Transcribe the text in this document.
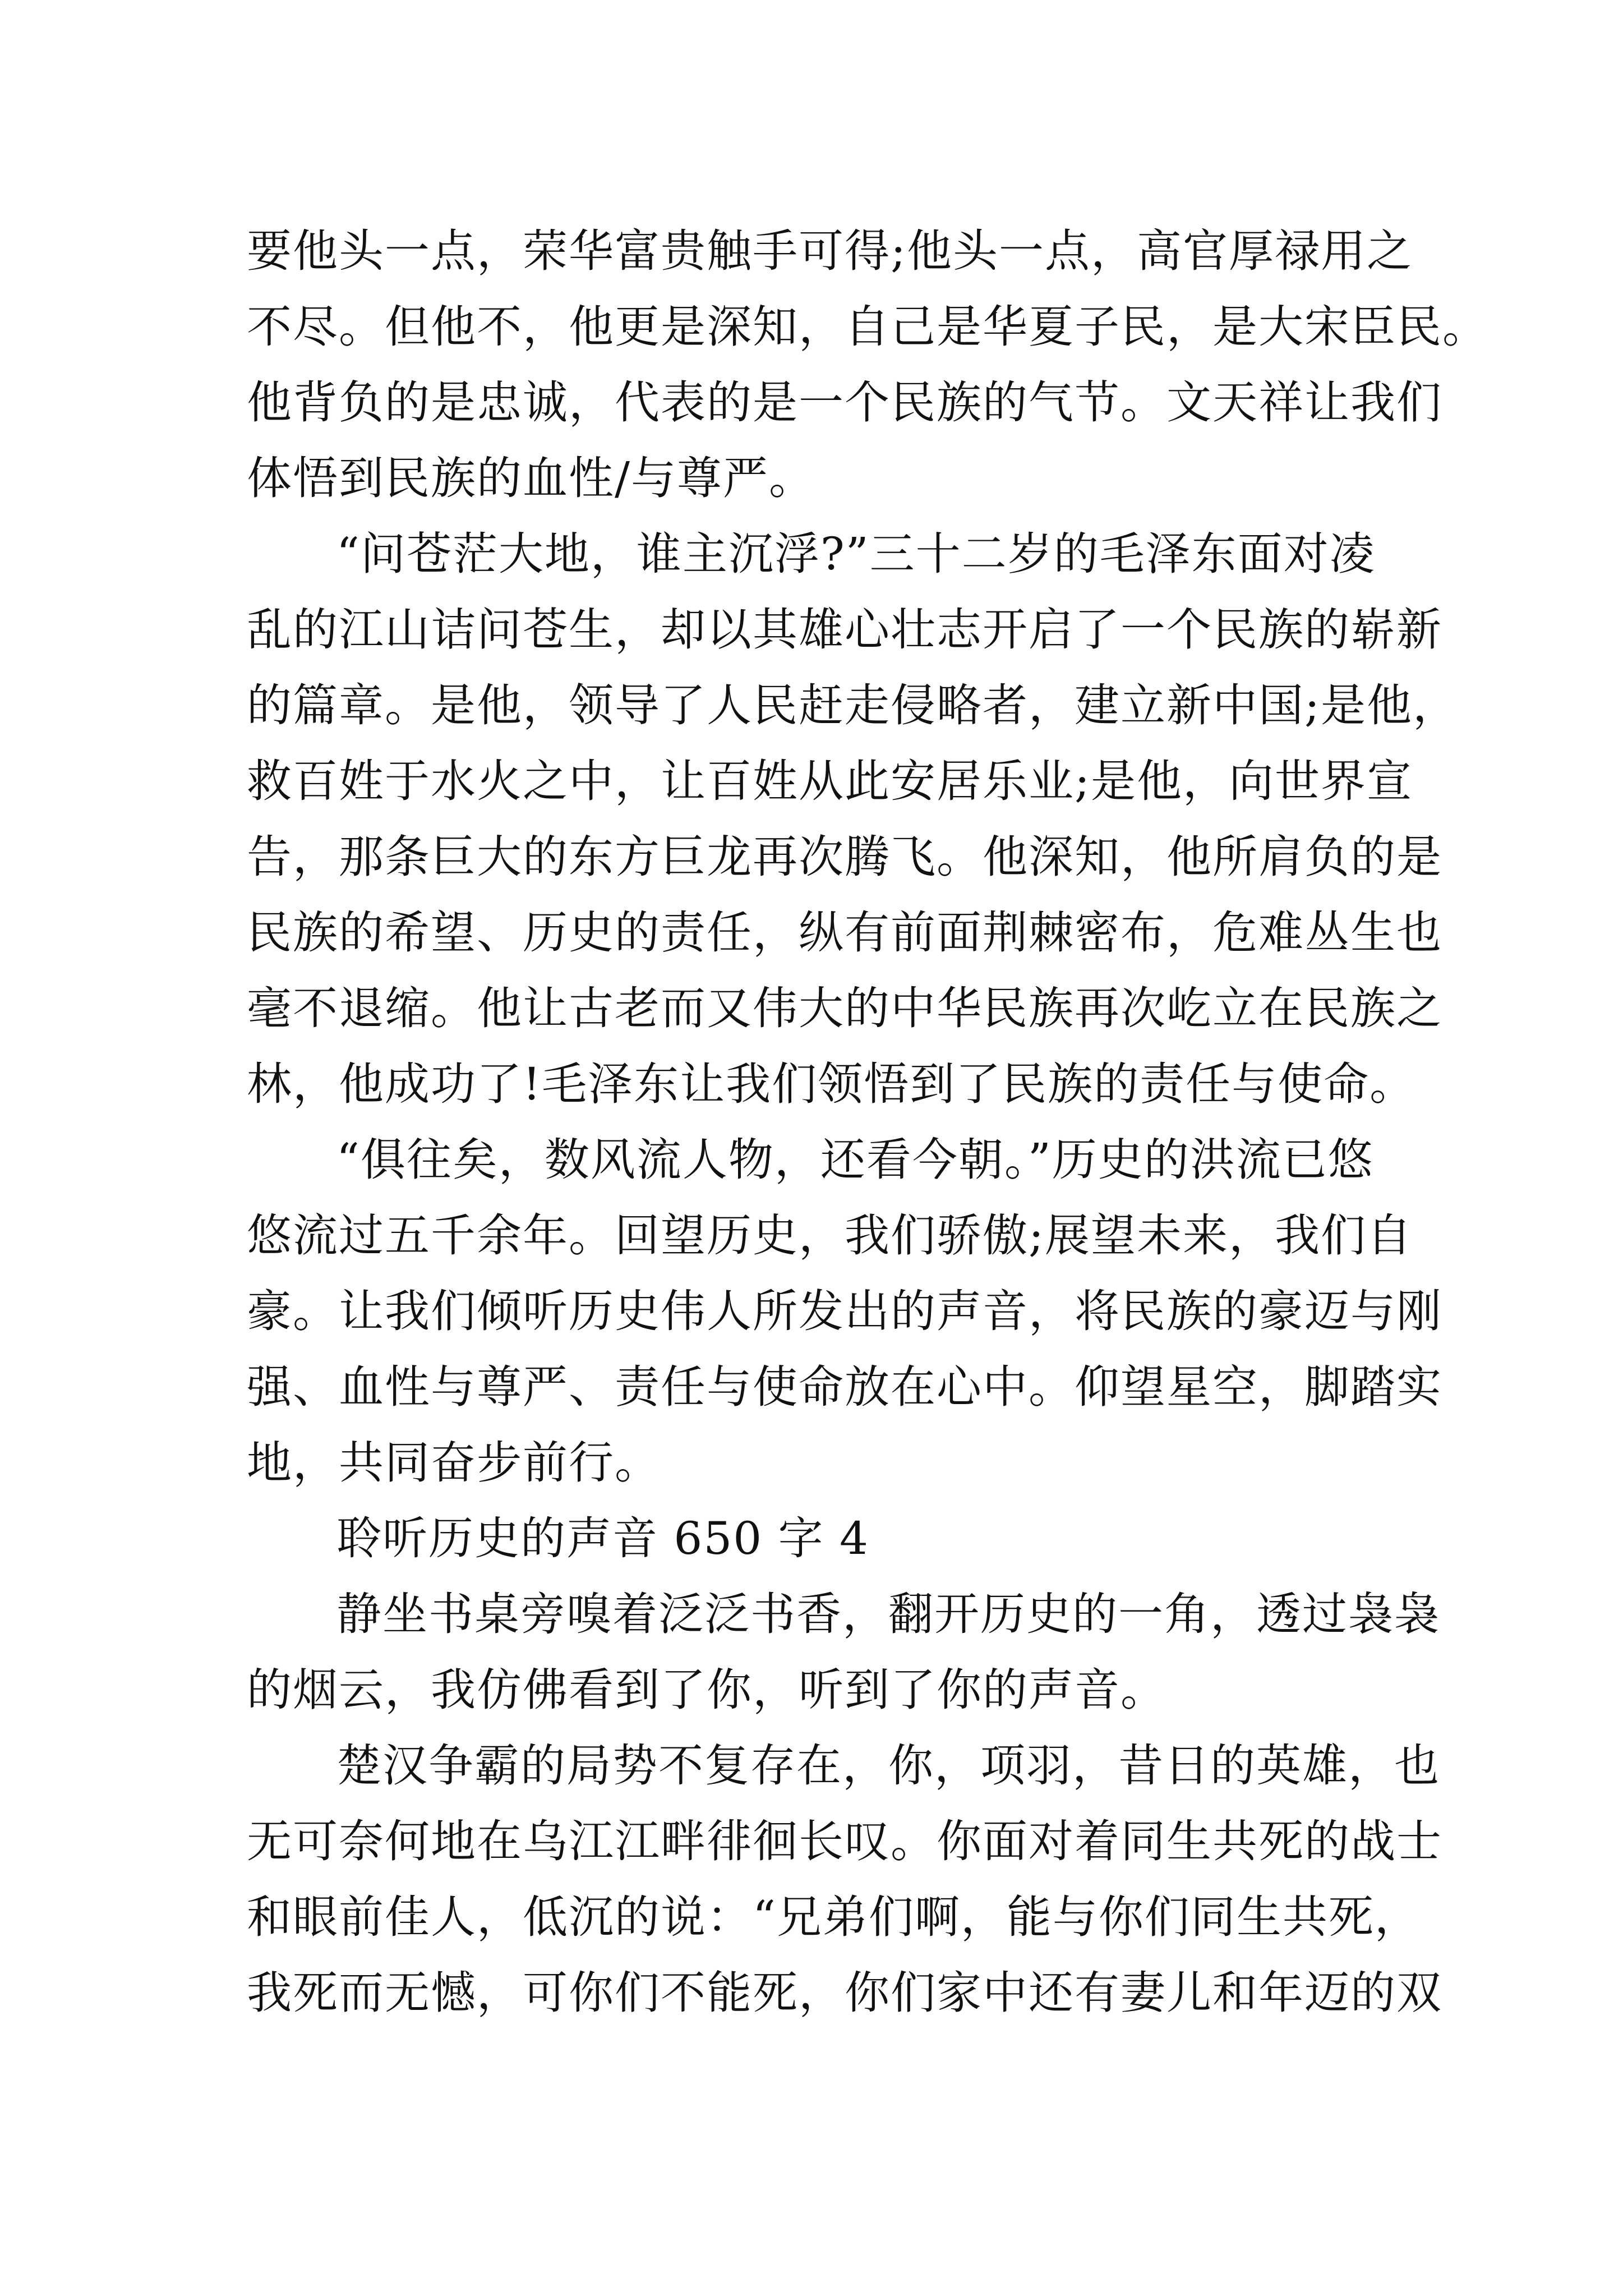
要他头一点，荣华富贵触手可得;他头一点，高官厚禄用之
不尽。但他不，他更是深知，自己是华夏子民，是大宋臣民。
他背负的是忠诚，代表的是一个民族的气节。文天祥让我们
体悟到民族的血性/与尊严。
“问苍茫大地，谁主沉浮?”三十二岁的毛泽东面对凌
乱的江山诘问苍生，却以其雄心壮志开启了一个民族的崭新
的篇章。是他，领导了人民赶走侵略者，建立新中国;是他，
救百姓于水火之中，让百姓从此安居乐业;是他，向世界宣
告，那条巨大的东方巨龙再次腾飞。他深知，他所肩负的是
民族的希望、历史的责任，纵有前面荆棘密布，危难丛生也
毫不退缩。他让古老而又伟大的中华民族再次屹立在民族之
林，他成功了!毛泽东让我们领悟到了民族的责任与使命。
“俱往矣，数风流人物，还看今朝。”历史的洪流已悠
悠流过五千余年。回望历史，我们骄傲;展望未来，我们自
豪。让我们倾听历史伟人所发出的声音，将民族的豪迈与刚
强、血性与尊严、责任与使命放在心中。仰望星空，脚踏实
地，共同奋步前行。
聆听历史的声音 650 字 4
静坐书桌旁嗅着泛泛书香，翻开历史的一角，透过袅袅
的烟云，我仿佛看到了你，听到了你的声音。
楚汉争霸的局势不复存在，你，项羽，昔日的英雄，也
无可奈何地在乌江江畔徘徊长叹。你面对着同生共死的战士
和眼前佳人，低沉的说：“兄弟们啊，能与你们同生共死，
我死而无憾，可你们不能死，你们家中还有妻儿和年迈的双
